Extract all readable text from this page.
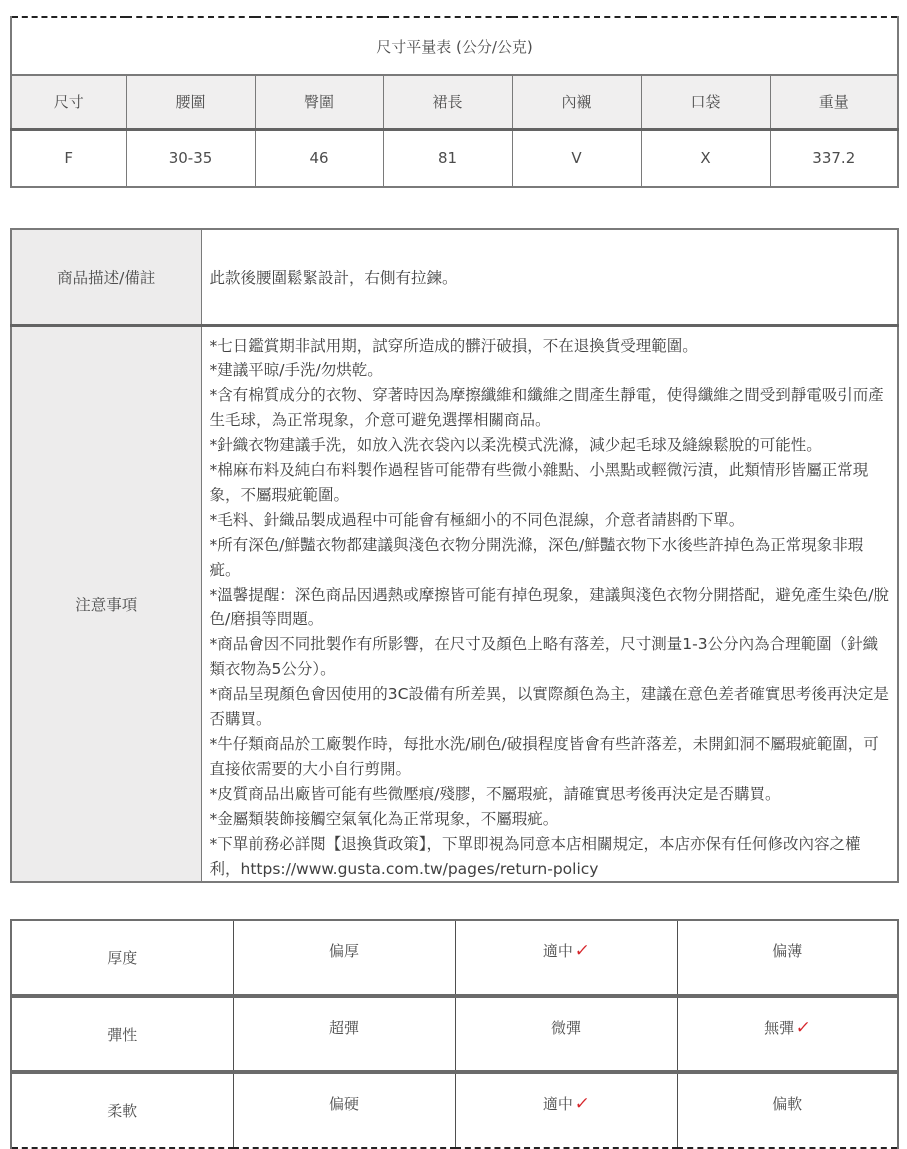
尺寸平量表 (公分/公克)						
尺寸	腰圍	臀圍	裙長	內襯	口袋	重量
F	30-35	46	81	V	X	337.2
商品描述/備註	此款後腰圍鬆緊設計，右側有拉鍊。
注意事項	
*七日鑑賞期非試用期，試穿所造成的髒汙破損，不在退換貨受理範圍。
*建議平晾/手洗/勿烘乾。
*含有棉質成分的衣物、穿著時因為摩擦纖維和纖維之間產生靜電，使得纖維之間受到靜電吸引而產生毛球，為正常現象，介意可避免選擇相關商品。
*針織衣物建議手洗，如放入洗衣袋內以柔洗模式洗滌，減少起毛球及縫線鬆脫的可能性。
*棉麻布料及純白布料製作過程皆可能帶有些微小雜點、小黑點或輕微污漬，此類情形皆屬正常現象，不屬瑕疵範圍。
*毛料、針織品製成過程中可能會有極細小的不同色混線，介意者請斟酌下單。
*所有深色/鮮豔衣物都建議與淺色衣物分開洗滌，深色/鮮豔衣物下水後些許掉色為正常現象非瑕疵。
*溫馨提醒：深色商品因遇熱或摩擦皆可能有掉色現象，建議與淺色衣物分開搭配，避免產生染色/脫色/磨損等問題。
*商品會因不同批製作有所影響，在尺寸及顏色上略有落差，尺寸測量1-3公分內為合理範圍（針織類衣物為5公分）。
*商品呈現顏色會因使用的3C設備有所差異，以實際顏色為主，建議在意色差者確實思考後再決定是否購買。
*牛仔類商品於工廠製作時，每批水洗/刷色/破損程度皆會有些許落差，未開釦洞不屬瑕疵範圍，可直接依需要的大小自行剪開。
*皮質商品出廠皆可能有些微壓痕/殘膠，不屬瑕疵，請確實思考後再決定是否購買。
*金屬類裝飾接觸空氣氧化為正常現象，不屬瑕疵。
*下單前務必詳閱【退換貨政策】，下單即視為同意本店相關規定，本店亦保有任何修改內容之權利，https://www.gusta.com.tw/pages/return-policy
厚度	偏厚	適中✓	偏薄
彈性	超彈	微彈	無彈✓
柔軟	偏硬	適中✓	偏軟
